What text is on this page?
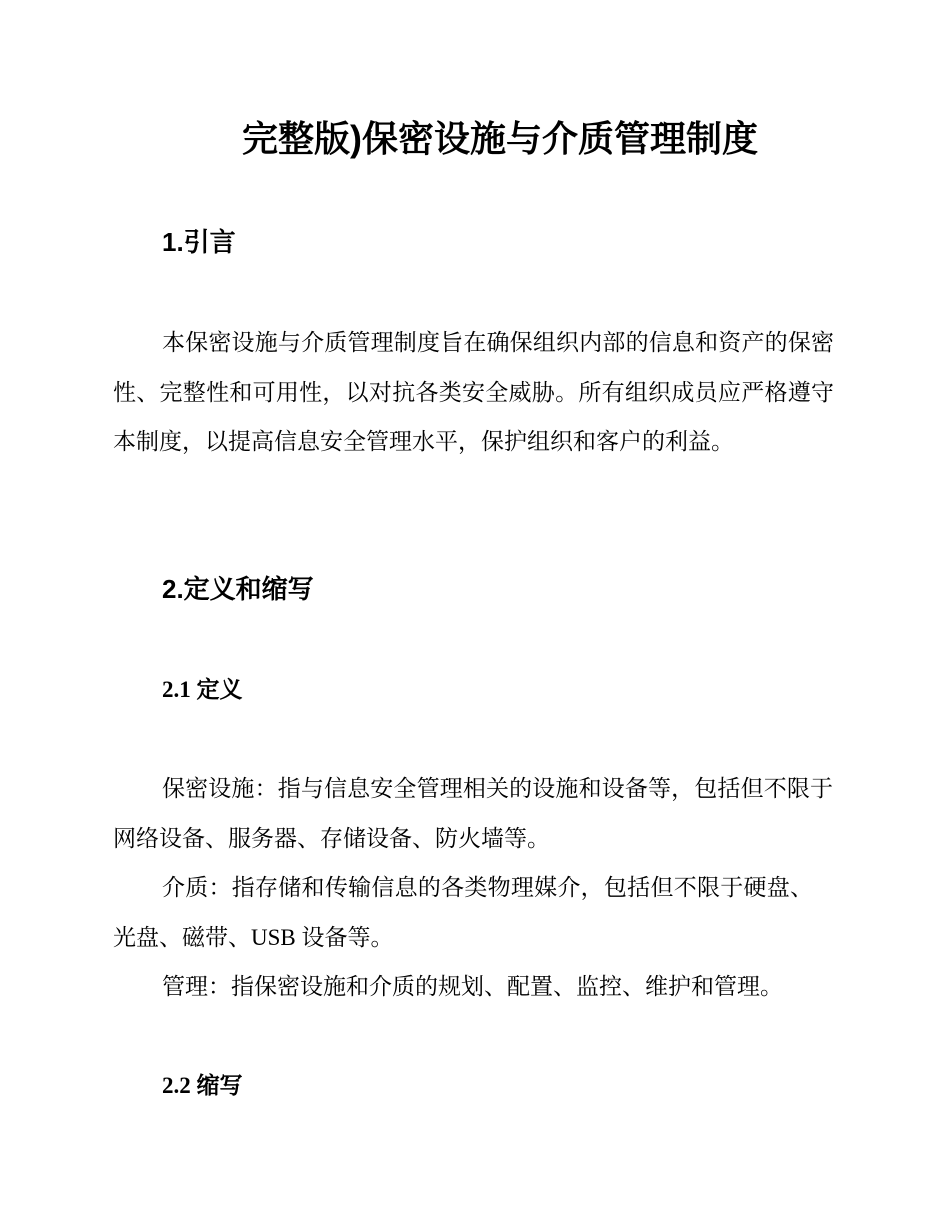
完整版)保密设施与介质管理制度
1.引言

本保密设施与介质管理制度旨在确保组织内部的信息和资产的保密性、完整性和可用性，以对抗各类安全威胁。所有组织成员应严格遵守本制度，以提高信息安全管理水平，保护组织和客户的利益。

2.定义和缩写
2.1 定义

保密设施：指与信息安全管理相关的设施和设备等，包括但不限于网络设备、服务器、存储设备、防火墙等。

介质：指存储和传输信息的各类物理媒介，包括但不限于硬盘、光盘、磁带、USB 设备等。

管理：指保密设施和介质的规划、配置、监控、维护和管理。

2.2 缩写
